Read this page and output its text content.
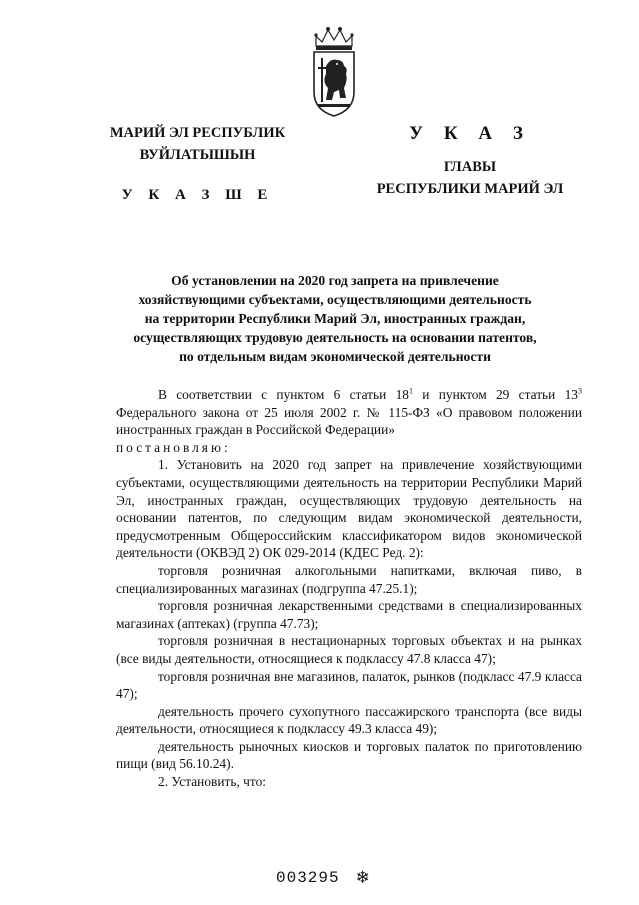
МАРИЙ ЭЛ РЕСПУБЛИК
ВУЙЛАТЫШЫН
У К А З Ш Е
У К А З
ГЛАВЫ
РЕСПУБЛИКИ МАРИЙ ЭЛ
Об установлении на 2020 год запрета на привлечение
хозяйствующими субъектами, осуществляющими деятельность
на территории Республики Марий Эл, иностранных граждан,
осуществляющих трудовую деятельность на основании патентов,
по отдельным видам экономической деятельности

В соответствии с пунктом 6 статьи $18^1$ и пунктом 29 статьи $13^3$ Федерального закона от 25 июля 2002 г. № 115-ФЗ «О правовом положении иностранных граждан в Российской Федерации»

постановляю:

1. Установить на 2020 год запрет на привлечение хозяйствующими субъектами, осуществляющими деятельность на территории Республики Марий Эл, иностранных граждан, осуществляющих трудовую деятельность на основании патентов, по следующим видам экономической деятельности, предусмотренным Общероссийским классификатором видов экономической деятельности (ОКВЭД 2) ОК 029-2014 (КДЕС Ред. 2):

торговля розничная алкогольными напитками, включая пиво, в специализированных магазинах (подгруппа 47.25.1);

торговля розничная лекарственными средствами в специализированных магазинах (аптеках) (группа 47.73);

торговля розничная в нестационарных торговых объектах и на рынках (все виды деятельности, относящиеся к подклассу 47.8 класса 47);

торговля розничная вне магазинов, палаток, рынков (подкласс 47.9 класса 47);

деятельность прочего сухопутного пассажирского транспорта (все виды деятельности, относящиеся к подклассу 49.3 класса 49);

деятельность рыночных киосков и торговых палаток по приготовлению пищи (вид 56.10.24).

2. Установить, что:

003295 ❄
